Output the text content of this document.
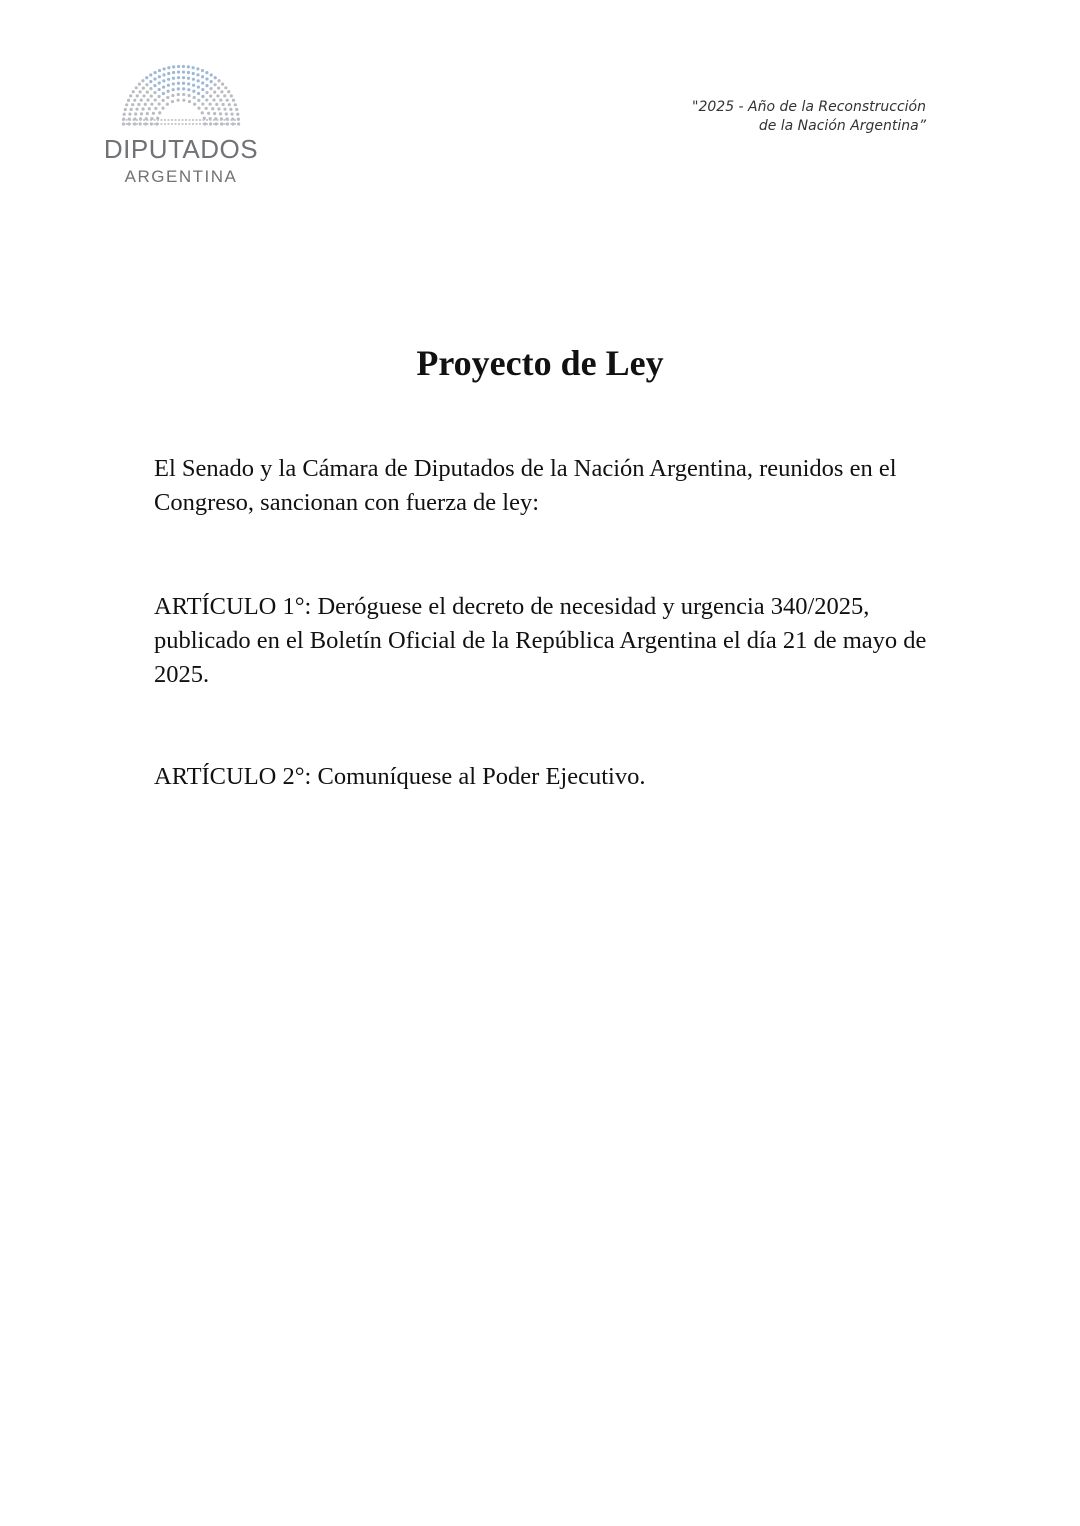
DIPUTADOS
ARGENTINA
"2025 - Año de la Reconstrucción
de la Nación Argentina”
Proyecto de Ley

El Senado y la Cámara de Diputados de la Nación Argentina, reunidos en el Congreso, sancionan con fuerza de ley:

ARTÍCULO 1°: Deróguese el decreto de necesidad y urgencia 340/2025, publicado en el Boletín Oficial de la República Argentina el día 21 de mayo de 2025.

ARTÍCULO 2°: Comuníquese al Poder Ejecutivo.
